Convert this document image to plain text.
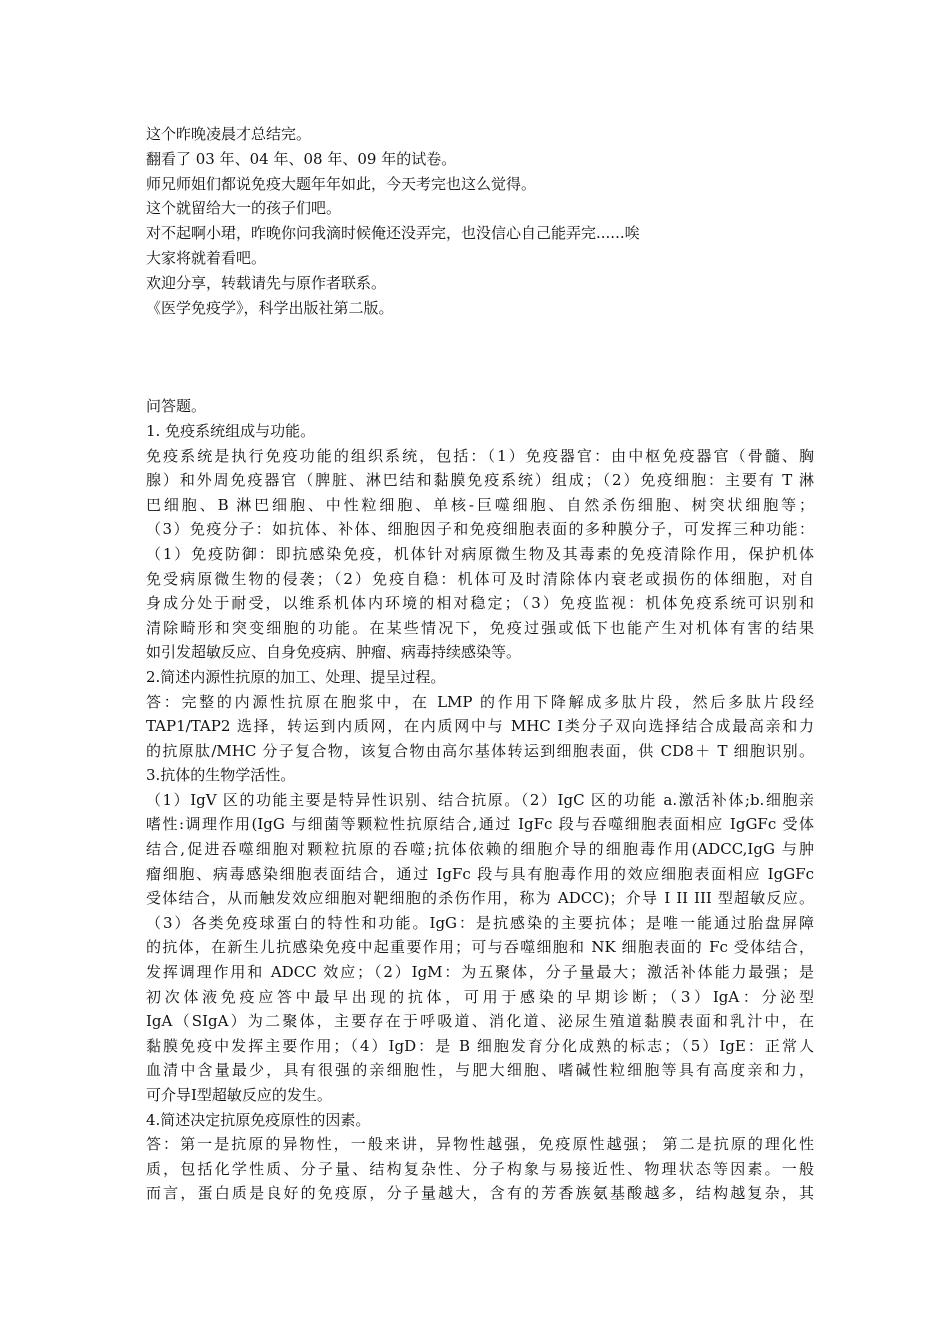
这个昨晚凌晨才总结完。

翻看了 03 年、04 年、08 年、09 年的试卷。

师兄师姐们都说免疫大题年年如此，今天考完也这么觉得。

这个就留给大一的孩子们吧。

对不起啊小珺，昨晚你问我滴时候俺还没弄完，也没信心自己能弄完......唉

大家将就着看吧。

欢迎分享，转载请先与原作者联系。

《医学免疫学》，科学出版社第二版。

问答题。
1. 免疫系统组成与功能。
免疫系统是执行免疫功能的组织系统，包括：（1）免疫器官：由中枢免疫器官（骨髓、胸
腺）和外周免疫器官（脾脏、淋巴结和黏膜免疫系统）组成；（2）免疫细胞：主要有 T 淋
巴细胞、B 淋巴细胞、中性粒细胞、单核-巨噬细胞、自然杀伤细胞、树突状细胞等；
（3）免疫分子：如抗体、补体、细胞因子和免疫细胞表面的多种膜分子，可发挥三种功能：
（1）免疫防御：即抗感染免疫，机体针对病原微生物及其毒素的免疫清除作用，保护机体
免受病原微生物的侵袭；（2）免疫自稳：机体可及时清除体内衰老或损伤的体细胞，对自
身成分处于耐受，以维系机体内环境的相对稳定；（3）免疫监视：机体免疫系统可识别和
清除畸形和突变细胞的功能。在某些情况下，免疫过强或低下也能产生对机体有害的结果
如引发超敏反应、自身免疫病、肿瘤、病毒持续感染等。
2.简述内源性抗原的加工、处理、提呈过程。
答：完整的内源性抗原在胞浆中，在 LMP 的作用下降解成多肽片段，然后多肽片段经
TAP1/TAP2 选择，转运到内质网，在内质网中与 MHC Ⅰ类分子双向选择结合成最高亲和力
的抗原肽/MHC 分子复合物，该复合物由高尔基体转运到细胞表面，供 CD8＋ T 细胞识别。
3.抗体的生物学活性。
（1）IgV 区的功能主要是特异性识别、结合抗原。（2）IgC 区的功能 a.激活补体;b.细胞亲
嗜性:调理作用(IgG 与细菌等颗粒性抗原结合,通过 IgFc 段与吞噬细胞表面相应 IgGFc 受体
结合,促进吞噬细胞对颗粒抗原的吞噬;抗体依赖的细胞介导的细胞毒作用(ADCC,IgG 与肿
瘤细胞、病毒感染细胞表面结合，通过 IgFc 段与具有胞毒作用的效应细胞表面相应 IgGFc
受体结合，从而触发效应细胞对靶细胞的杀伤作用，称为 ADCC)；介导 I II III 型超敏反应。
（3）各类免疫球蛋白的特性和功能。IgG：是抗感染的主要抗体；是唯一能通过胎盘屏障
的抗体，在新生儿抗感染免疫中起重要作用；可与吞噬细胞和 NK 细胞表面的 Fc 受体结合，
发挥调理作用和 ADCC 效应；（2）IgM：为五聚体，分子量最大；激活补体能力最强；是
初次体液免疫应答中最早出现的抗体，可用于感染的早期诊断；（3）IgA：分泌型
IgA（SIgA）为二聚体，主要存在于呼吸道、消化道、泌尿生殖道黏膜表面和乳汁中，在
黏膜免疫中发挥主要作用；（4）IgD：是 B 细胞发育分化成熟的标志；（5）IgE：正常人
血清中含量最少，具有很强的亲细胞性，与肥大细胞、嗜碱性粒细胞等具有高度亲和力，
可介导Ⅰ型超敏反应的发生。
4.简述决定抗原免疫原性的因素。
答：第一是抗原的异物性，一般来讲，异物性越强，免疫原性越强； 第二是抗原的理化性
质，包括化学性质、分子量、结构复杂性、分子构象与易接近性、物理状态等因素。一般
而言，蛋白质是良好的免疫原，分子量越大，含有的芳香族氨基酸越多，结构越复杂，其
